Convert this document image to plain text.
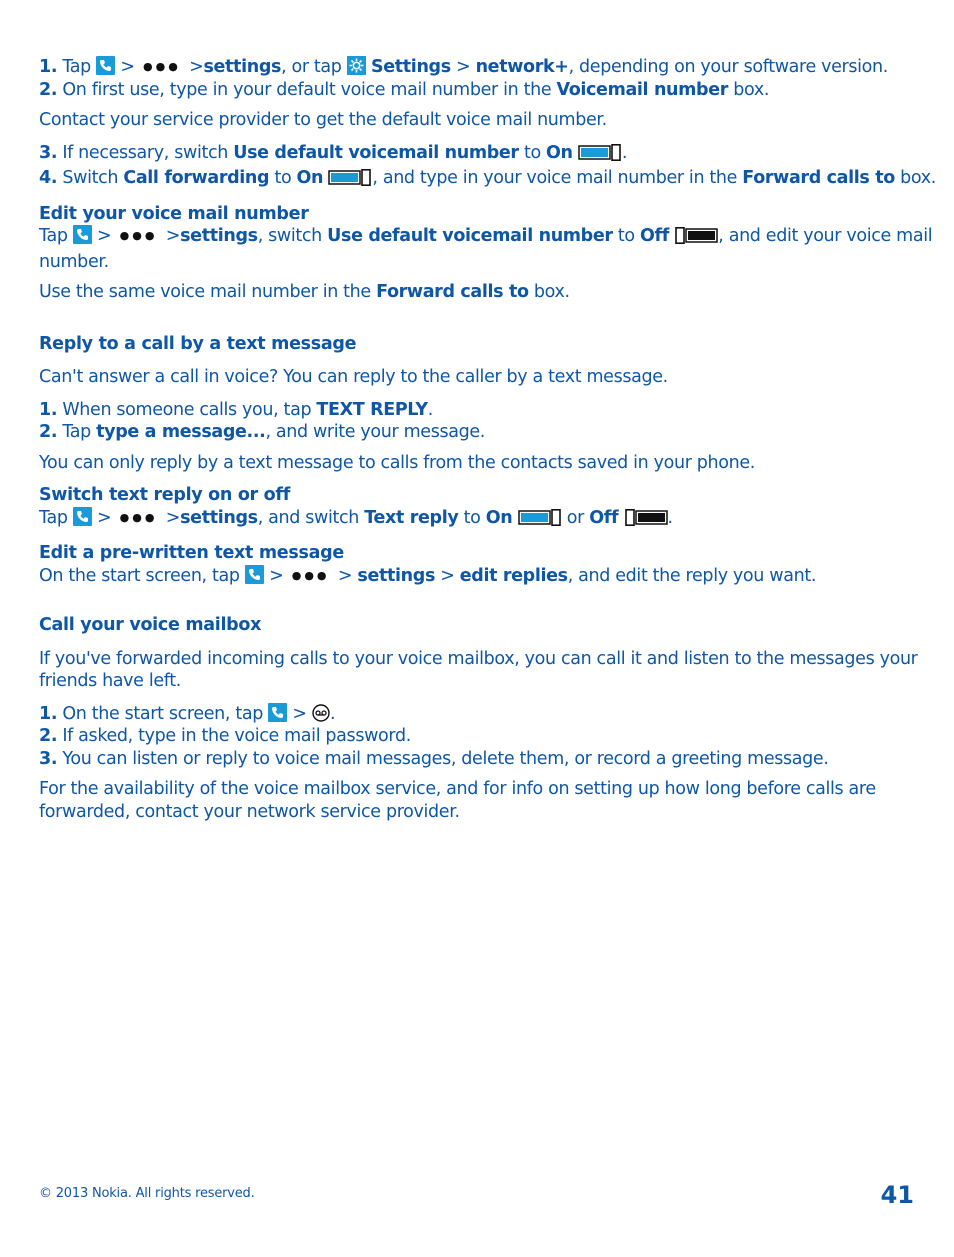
1. Tap > ●●● >settings, or tap Settings > network+, depending on your software version.
2. On first use, type in your default voice mail number in the Voicemail number box.
Contact your service provider to get the default voice mail number.
3. If necessary, switch Use default voicemail number to On	.
4. Switch Call forwarding to On	, and type in your voice mail number in the Forward calls to box.
Edit your voice mail number
Tap > ●●● >settings, switch Use default voicemail number to Off	, and edit your voice mail
number.
Use the same voice mail number in the Forward calls to box.
Reply to a call by a text message
Can't answer a call in voice? You can reply to the caller by a text message.
1. When someone calls you, tap TEXT REPLY.
2. Tap type a message..., and write your message.
You can only reply by a text message to calls from the contacts saved in your phone.
Switch text reply on or off
Tap > ●●● >settings, and switch Text reply to On	or Off	.
Edit a pre-written text message
On the start screen, tap > ●●● > settings > edit replies, and edit the reply you want.
Call your voice mailbox
If you've forwarded incoming calls to your voice mailbox, you can call it and listen to the messages your friends have left.
1. On the start screen, tap > .
2. If asked, type in the voice mail password.
3. You can listen or reply to voice mail messages, delete them, or record a greeting message.
For the availability of the voice mailbox service, and for info on setting up how long before calls are forwarded, contact your network service provider.
© 2013 Nokia. All rights reserved.	41
